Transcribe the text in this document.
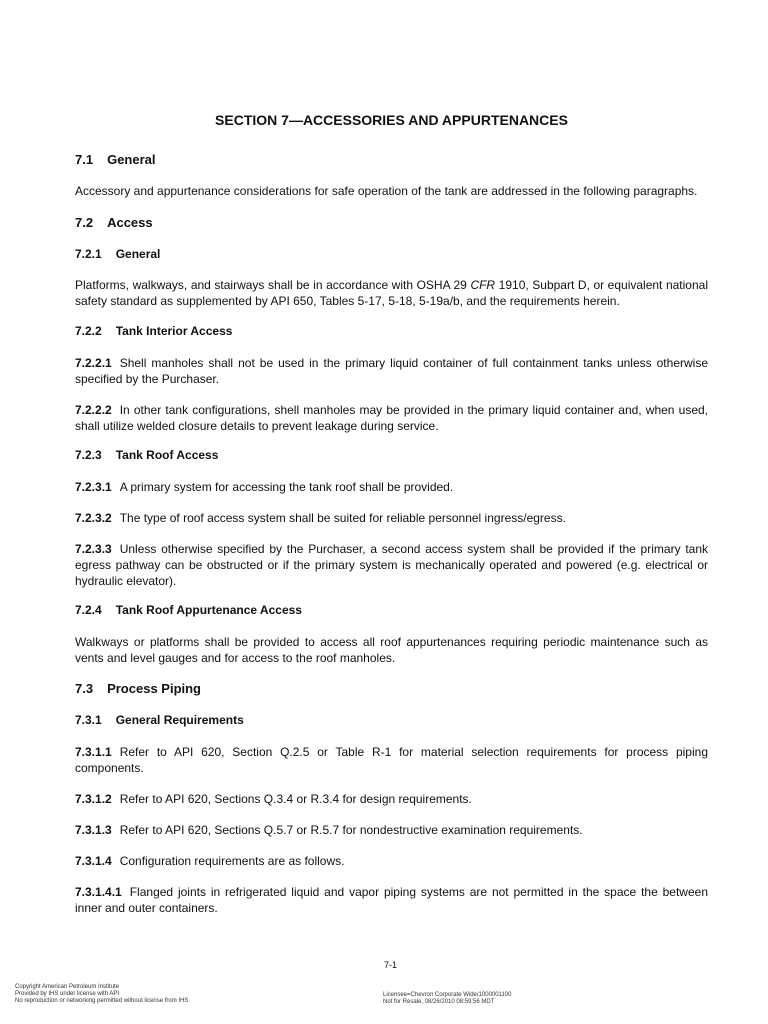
SECTION 7—ACCESSORIES AND APPURTENANCES
7.1 General
Accessory and appurtenance considerations for safe operation of the tank are addressed in the following paragraphs.
7.2 Access
7.2.1 General
Platforms, walkways, and stairways shall be in accordance with OSHA 29 CFR 1910, Subpart D, or equivalent national safety standard as supplemented by API 650, Tables 5-17, 5-18, 5-19a/b, and the requirements herein.
7.2.2 Tank Interior Access
7.2.2.1 Shell manholes shall not be used in the primary liquid container of full containment tanks unless otherwise specified by the Purchaser.
7.2.2.2 In other tank configurations, shell manholes may be provided in the primary liquid container and, when used, shall utilize welded closure details to prevent leakage during service.
7.2.3 Tank Roof Access
7.2.3.1 A primary system for accessing the tank roof shall be provided.
7.2.3.2 The type of roof access system shall be suited for reliable personnel ingress/egress.
7.2.3.3 Unless otherwise specified by the Purchaser, a second access system shall be provided if the primary tank egress pathway can be obstructed or if the primary system is mechanically operated and powered (e.g. electrical or hydraulic elevator).
7.2.4 Tank Roof Appurtenance Access
Walkways or platforms shall be provided to access all roof appurtenances requiring periodic maintenance such as vents and level gauges and for access to the roof manholes.
7.3 Process Piping
7.3.1 General Requirements
7.3.1.1 Refer to API 620, Section Q.2.5 or Table R-1 for material selection requirements for process piping components.
7.3.1.2 Refer to API 620, Sections Q.3.4 or R.3.4 for design requirements.
7.3.1.3 Refer to API 620, Sections Q.5.7 or R.5.7 for nondestructive examination requirements.
7.3.1.4 Configuration requirements are as follows.
7.3.1.4.1 Flanged joints in refrigerated liquid and vapor piping systems are not permitted in the space the between inner and outer containers.
7-1
Copyright American Petroleum Institute
Provided by IHS under license with API
No reproduction or networking permitted without license from IHS
Licensee=Chevron Corporate Wide/1000001100
Not for Resale, 08/26/2010 08:59:56 MDT
